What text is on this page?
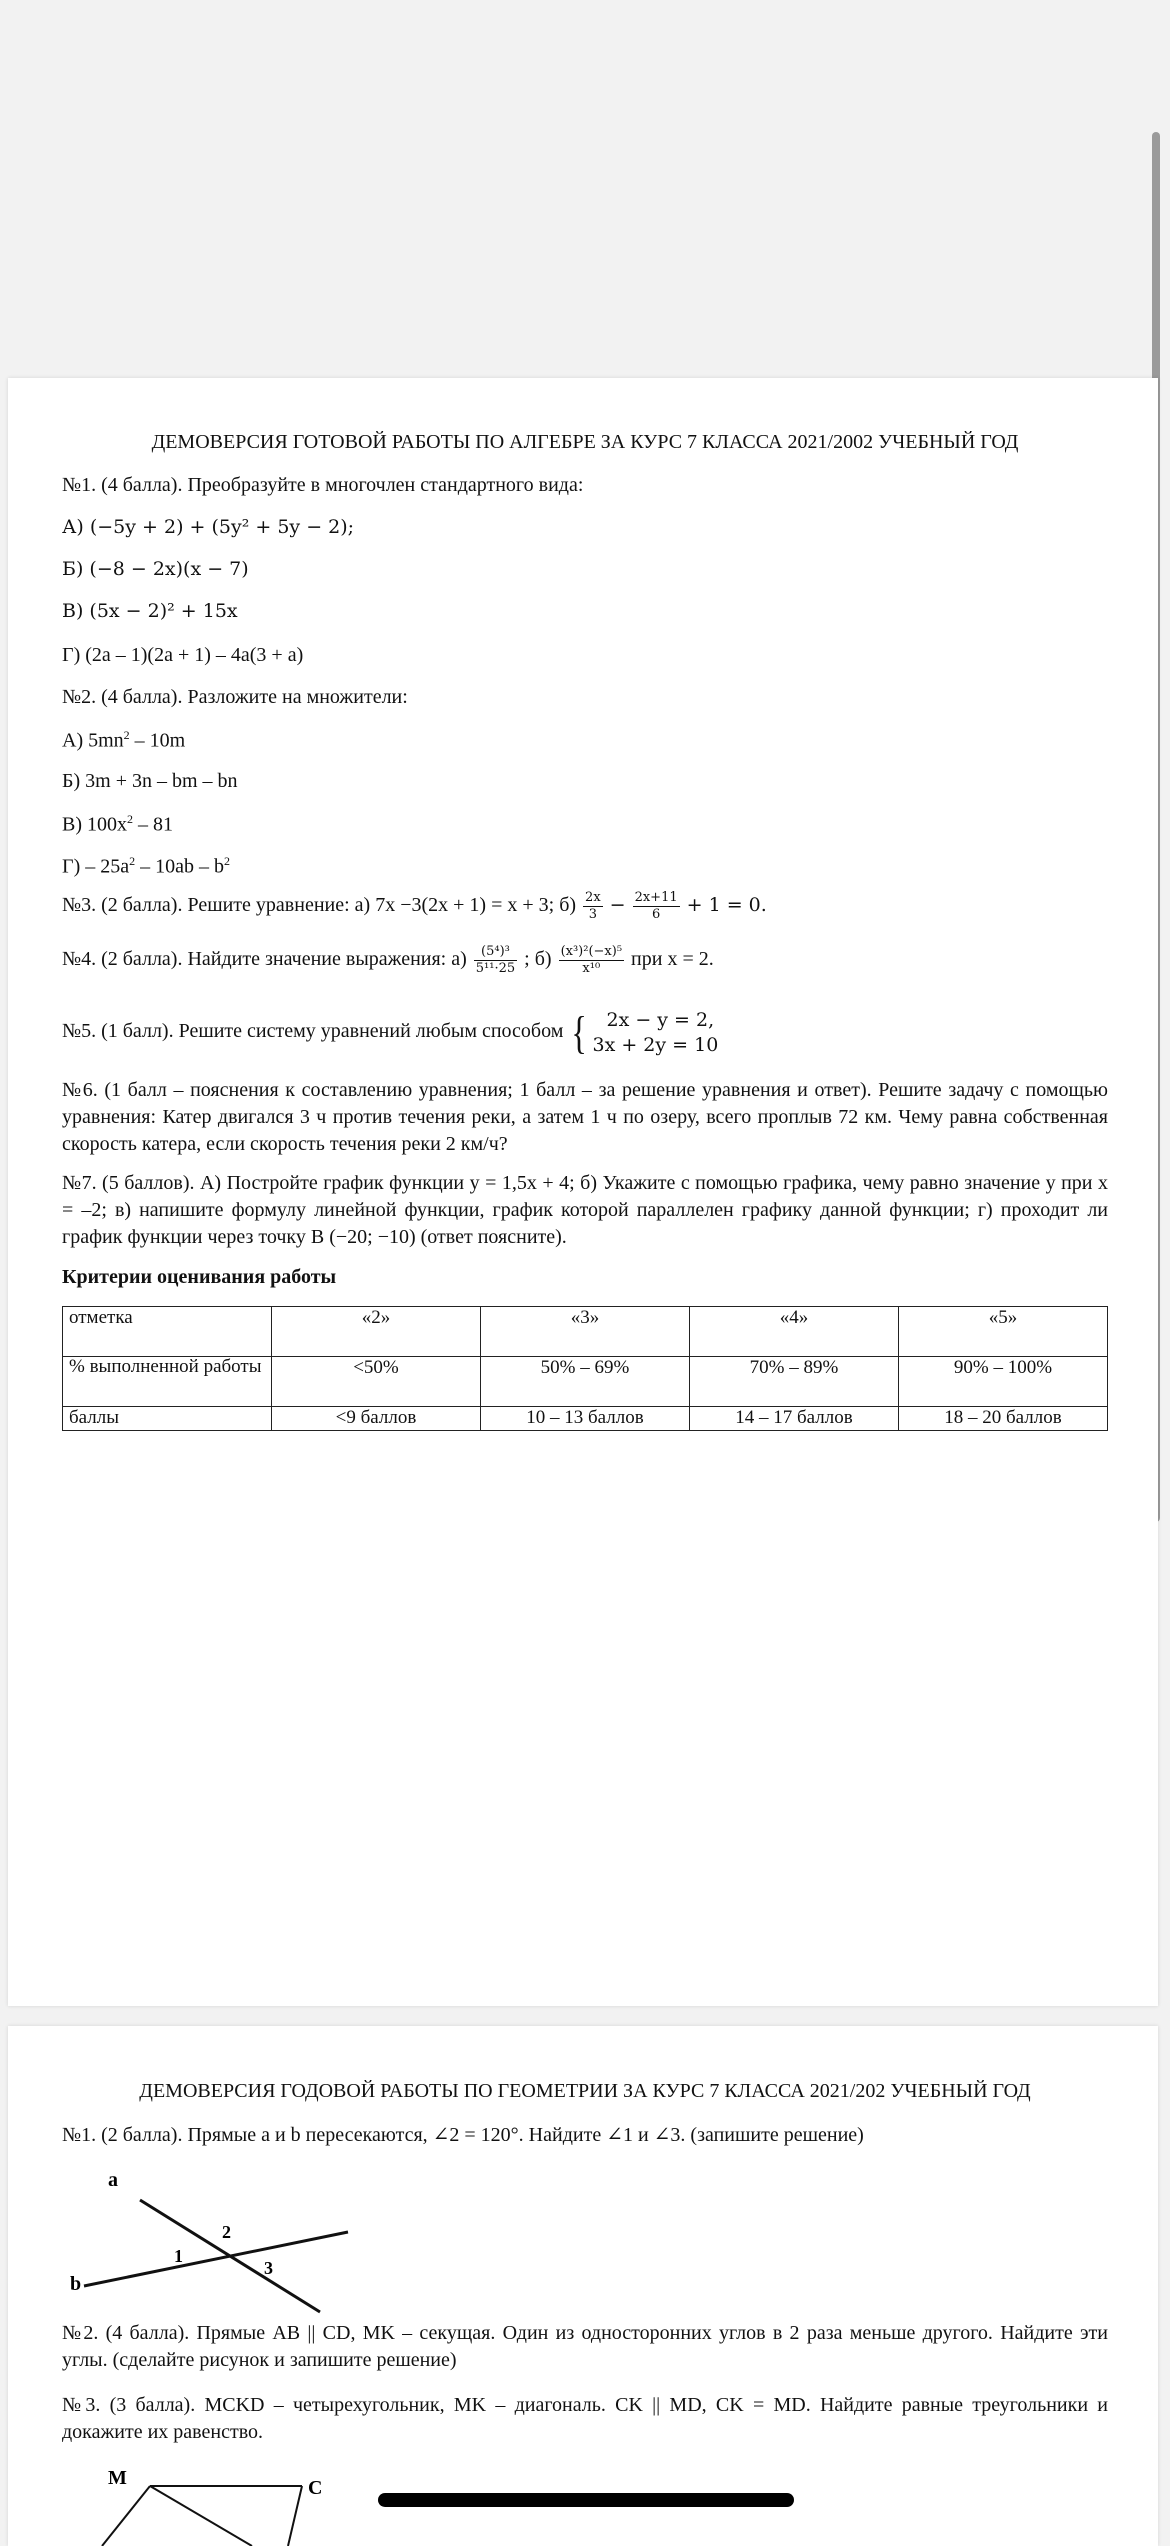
ДЕМОВЕРСИЯ ГОТОВОЙ РАБОТЫ ПО АЛГЕБРЕ ЗА КУРС 7 КЛАССА 2021/2002 УЧЕБНЫЙ ГОД
№1. (4 балла). Преобразуйте в многочлен стандартного вида:
А) (−5y + 2) + (5y² + 5y − 2);
Б) (−8 − 2x)(x − 7)
В) (5x − 2)² + 15x
Г) (2a – 1)(2a + 1) – 4a(3 + a)
№2. (4 балла). Разложите на множители:
А) $5mn^2 - 10m$
Б) 3m + 3n – bm – bn
В) $100x^2 - 81$
$Г) - 25a^2 - 10ab - b^2$
№3. (2 балла). Решите уравнение: а) 7x −3(2x + 1) = x + 3; $б) \frac{2x}{3} - \frac{2x+11}{6} + 1 = 0$.
№4. (2 балла). Найдите значение выражения: $а) \frac{\text{(5⁴)³}}{\text{5¹¹·25}}$ ; $б) \frac{\text{(x³)²(−x)⁵}}{\text{x¹⁰}}$ при x = 2.
№5. (1 балл). Решите систему уравнений любым способом {	2x − y = 2,
3x + 2y = 10
№6. (1 балл – пояснения к составлению уравнения; 1 балл – за решение уравнения и ответ). Решите задачу с помощью уравнения: Катер двигался 3 ч против течения реки, а затем 1 ч по озеру, всего проплыв 72 км. Чему равна собственная скорость катера, если скорость течения реки 2 км/ч?
№7. (5 баллов). А) Постройте график функции y = 1,5x + 4; б) Укажите с помощью графика, чему равно значение y при x = –2; в) напишите формулу линейной функции, график которой параллелен графику данной функции; г) проходит ли график функции через точку B (−20; −10) (ответ поясните).
Критерии оценивания работы
отметка	«2»	«3»	«4»	«5»
% выполненной работы	<50%	50% – 69%	70% – 89%	90% – 100%
баллы	<9 баллов	10 – 13 баллов	14 – 17 баллов	18 – 20 баллов
ДЕМОВЕРСИЯ ГОДОВОЙ РАБОТЫ ПО ГЕОМЕТРИИ ЗА КУРС 7 КЛАССА 2021/202 УЧЕБНЫЙ ГОД
№1. (2 балла). Прямые a и b пересекаются, ∠2 = 120°. Найдите ∠1 и ∠3. (запишите решение)
a
b
1
2
3
№2. (4 балла). Прямые AB || CD, MK – секущая. Один из односторонних углов в 2 раза меньше другого. Найдите эти углы. (сделайте рисунок и запишите решение)
№3. (3 балла). MCKD – четырехугольник, MK – диагональ. CK || MD, CK = MD. Найдите равные треугольники и докажите их равенство.
M	C
